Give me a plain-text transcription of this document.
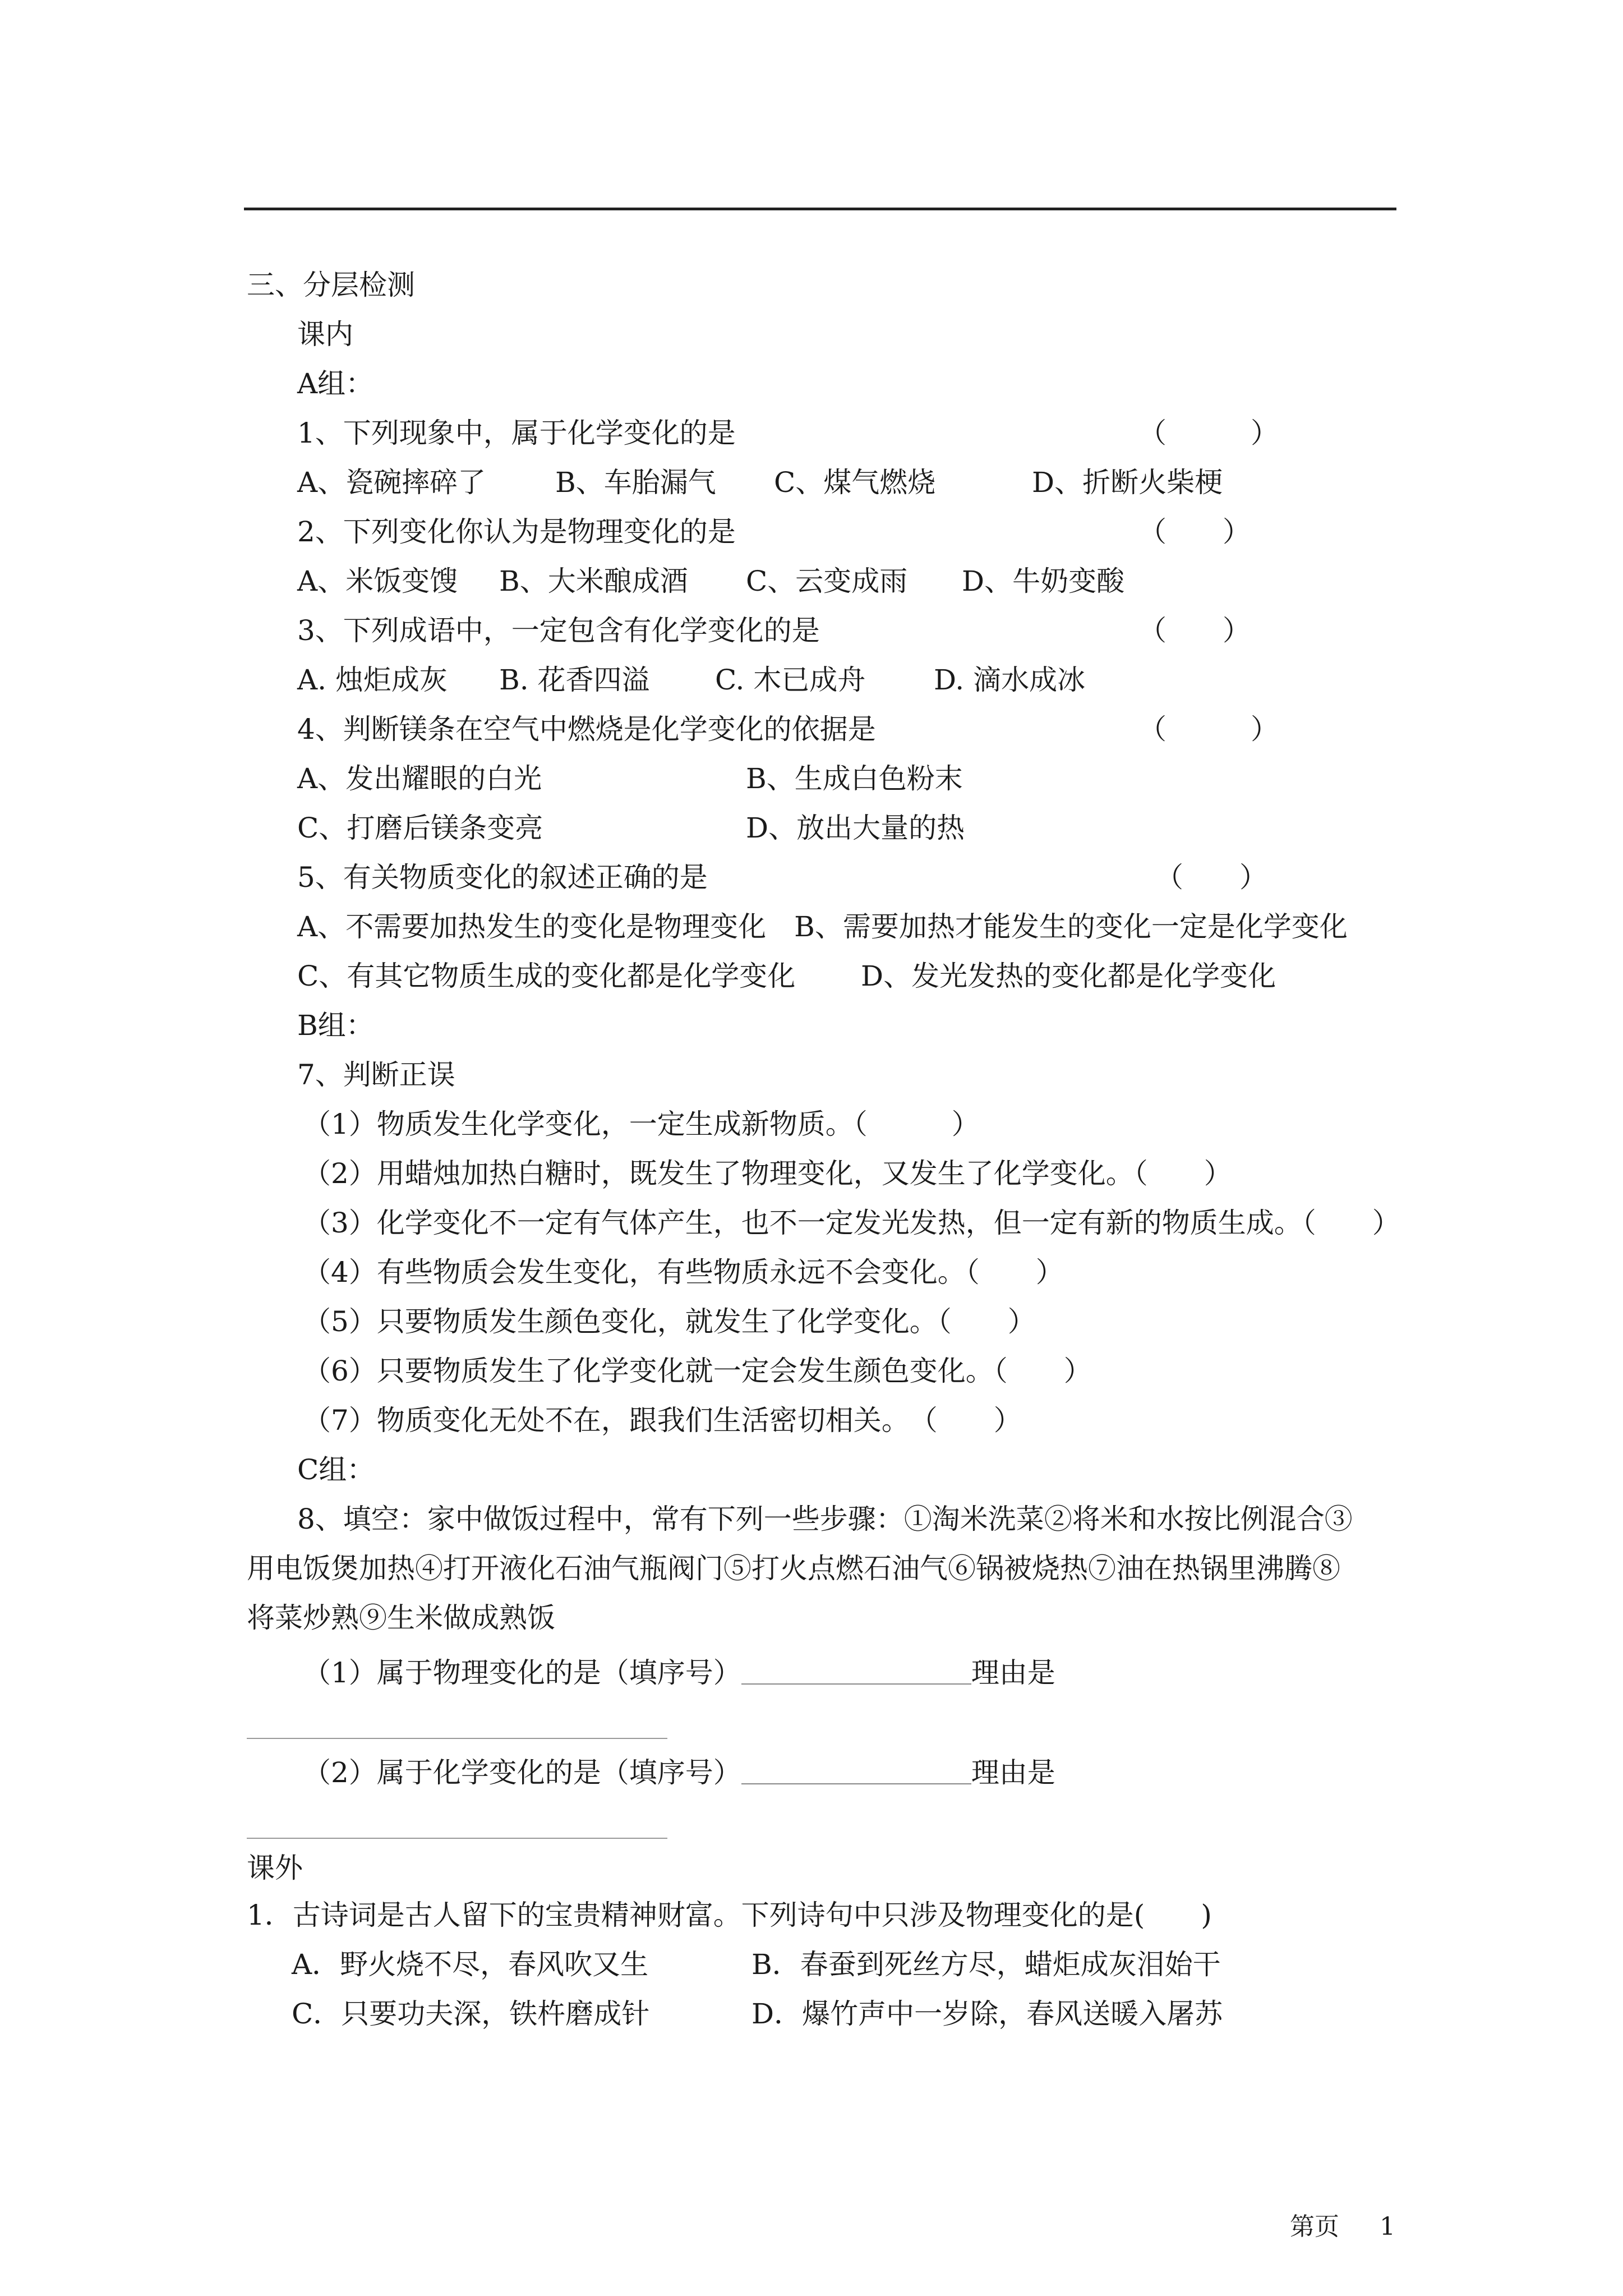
三、分层检测
课内
A组：
1、下列现象中，属于化学变化的是	（　　　）
A、瓷碗摔碎了 B、车胎漏气 C、煤气燃烧	D、折断火柴梗
2、下列变化你认为是物理变化的是	（　　）
A、米饭变馊 B、大米酿成酒 C、云变成雨 D、牛奶变酸
3、下列成语中，一定包含有化学变化的是	（　　）
A. 烛炬成灰 B. 花香四溢 C. 木已成舟 D. 滴水成冰
4、判断镁条在空气中燃烧是化学变化的依据是	（　　　）
A、发出耀眼的白光	B、生成白色粉末
C、打磨后镁条变亮	D、放出大量的热
5、有关物质变化的叙述正确的是	（　　）
A、不需要加热发生的变化是物理变化　B、需要加热才能发生的变化一定是化学变化
C、有其它物质生成的变化都是化学变化 D、发光发热的变化都是化学变化
B组：
7、判断正误
（1）物质发生化学变化，一定生成新物质。（　　　）
（2）用蜡烛加热白糖时，既发生了物理变化，又发生了化学变化。（　　）
（3）化学变化不一定有气体产生，也不一定发光发热，但一定有新的物质生成。（　　）
（4）有些物质会发生变化，有些物质永远不会变化。（　　）
（5）只要物质发生颜色变化，就发生了化学变化。（　　）
（6）只要物质发生了化学变化就一定会发生颜色变化。（　　）
（7）物质变化无处不在，跟我们生活密切相关。　（　　）
C组：
8、填空：家中做饭过程中，常有下列一些步骤：①淘米洗菜②将米和水按比例混合③
用电饭煲加热④打开液化石油气瓶阀门⑤打火点燃石油气⑥锅被烧热⑦油在热锅里沸腾⑧
将菜炒熟⑨生米做成熟饭
（1）属于物理变化的是（填序号）	理由是
（2）属于化学变化的是（填序号）	理由是
课外
1．古诗词是古人留下的宝贵精神财富。下列诗句中只涉及物理变化的是(　　)
A．野火烧不尽，春风吹又生	B．春蚕到死丝方尽，蜡炬成灰泪始干
C．只要功夫深，铁杵磨成针	D．爆竹声中一岁除，春风送暖入屠苏
第页 1
